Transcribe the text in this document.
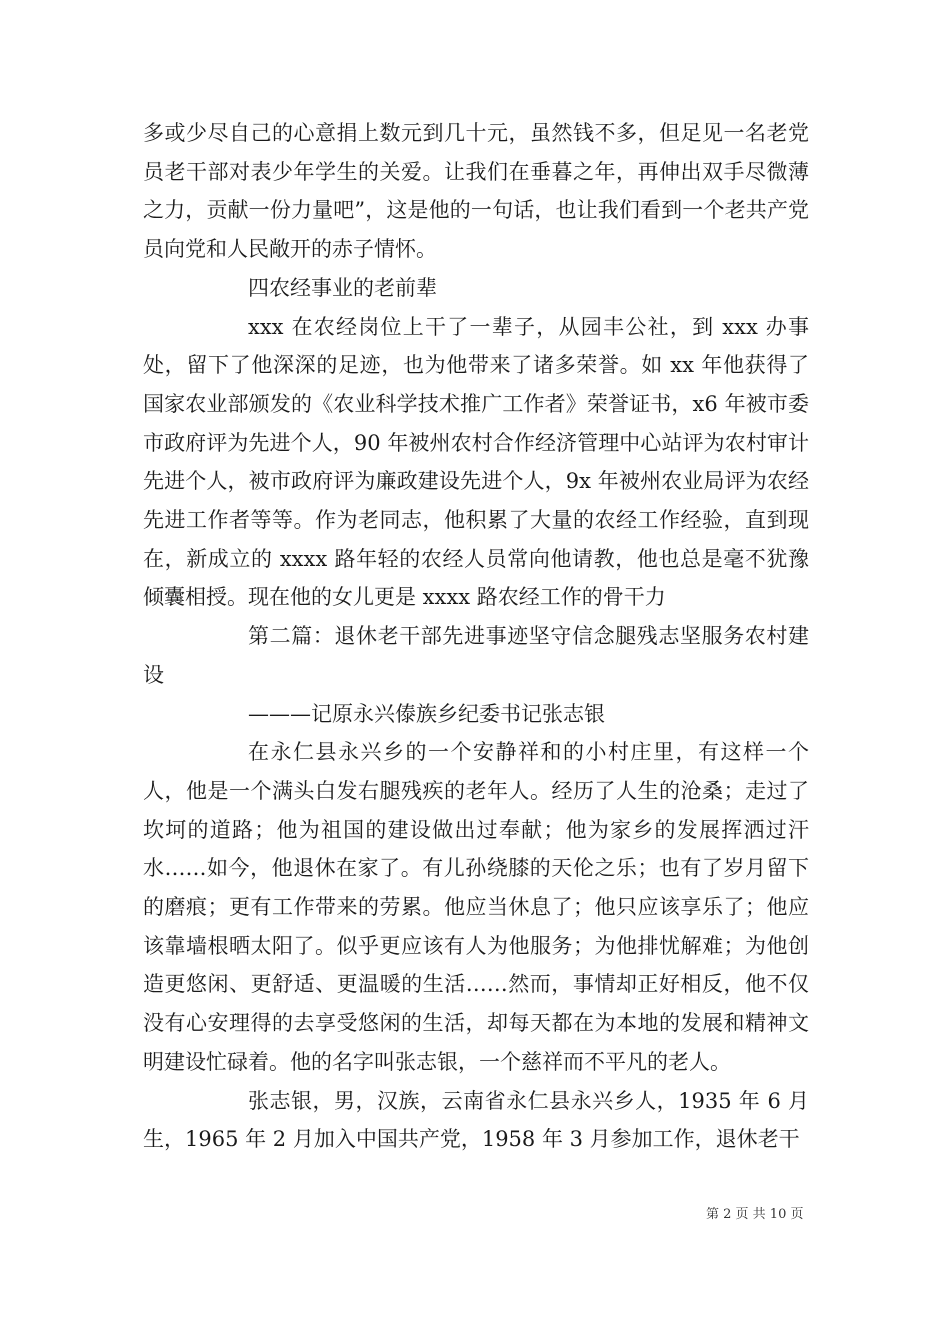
多或少尽自己的心意捐上数元到几十元，虽然钱不多，但足见一名老党员老干部对表少年学生的关爱。让我们在垂暮之年，再伸出双手尽微薄之力，贡献一份力量吧”，这是他的一句话，也让我们看到一个老共产党员向党和人民敞开的赤子情怀。

四农经事业的老前辈

xxx 在农经岗位上干了一辈子，从园丰公社，到 xxx 办事处，留下了他深深的足迹，也为他带来了诸多荣誉。如 xx 年他获得了国家农业部颁发的《农业科学技术推广工作者》荣誉证书，x6 年被市委市政府评为先进个人，90 年被州农村合作经济管理中心站评为农村审计先进个人，被市政府评为廉政建设先进个人，9x 年被州农业局评为农经先进工作者等等。作为老同志，他积累了大量的农经工作经验，直到现在，新成立的 xxxx 路年轻的农经人员常向他请教，他也总是毫不犹豫倾囊相授。现在他的女儿更是 xxxx 路农经工作的骨干力

第二篇：退休老干部先进事迹坚守信念腿残志坚服务农村建设

———记原永兴傣族乡纪委书记张志银

在永仁县永兴乡的一个安静祥和的小村庄里，有这样一个人，他是一个满头白发右腿残疾的老年人。经历了人生的沧桑；走过了坎坷的道路；他为祖国的建设做出过奉献；他为家乡的发展挥洒过汗水……如今，他退休在家了。有儿孙绕膝的天伦之乐；也有了岁月留下的磨痕；更有工作带来的劳累。他应当休息了；他只应该享乐了；他应该靠墙根晒太阳了。似乎更应该有人为他服务；为他排忧解难；为他创造更悠闲、更舒适、更温暖的生活……然而，事情却正好相反，他不仅没有心安理得的去享受悠闲的生活，却每天都在为本地的发展和精神文明建设忙碌着。他的名字叫张志银，一个慈祥而不平凡的老人。

张志银，男，汉族，云南省永仁县永兴乡人，1935 年 6 月生，1965 年 2 月加入中国共产党，1958 年 3 月参加工作，退休老干

第 2 页 共 10 页
